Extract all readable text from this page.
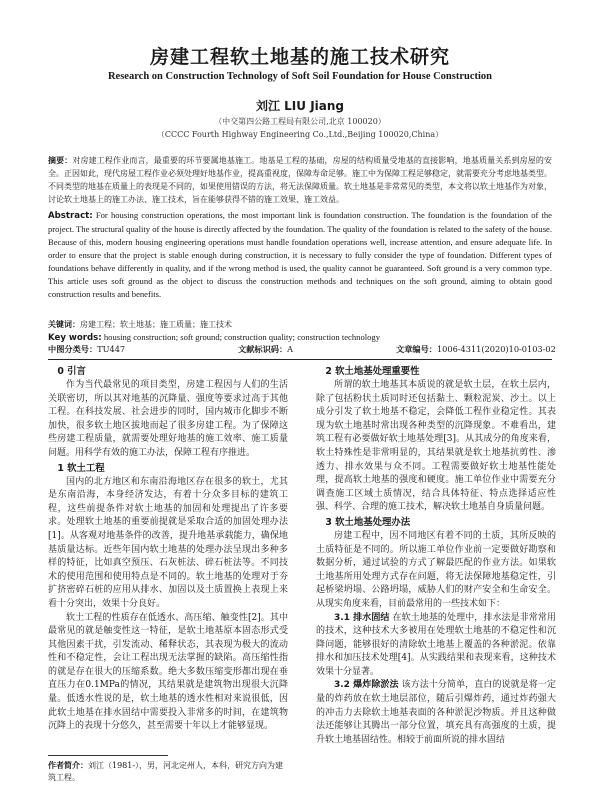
房建工程软土地基的施工技术研究
Research on Construction Technology of Soft Soil Foundation for House Construction
刘江 LIU Jiang
（中交第四公路工程局有限公司,北京 100020）
（CCCC Fourth Highway Engineering Co.,Ltd.,Beijing 100020,China）
摘要：对房建工程作业而言，最重要的环节要属地基施工。地基是工程的基础，房屋的结构质量受地基的直接影响，地基质量关系到房屋的安全。正因如此，现代房屋工程作业必须处理好地基作业，提高重视度，保障寿命足够。施工中为保障工程足够稳定，就需要充分考虑地基类型。不同类型的地基在质量上的表现是不同的，如果使用错误的方法，将无法保障质量。软土地基是非常常见的类型，本文将以软土地基作为对象，讨论软土地基上的施工办法、施工技术，旨在能够获得不错的施工效果、施工效益。
Abstract: For housing construction operations, the most important link is foundation construction. The foundation is the foundation of the project. The structural quality of the house is directly affected by the foundation. The quality of the foundation is related to the safety of the house. Because of this, modern housing engineering operations must handle foundation operations well, increase attention, and ensure adequate life. In order to ensure that the project is stable enough during construction, it is necessary to fully consider the type of foundation. Different types of foundations behave differently in quality, and if the wrong method is used, the quality cannot be guaranteed. Soft ground is a very common type. This article uses soft ground as the object to discuss the construction methods and techniques on the soft ground, aiming to obtain good construction results and benefits.
关键词：房建工程；软土地基；施工质量；施工技术
Key words: housing construction; soft ground; construction quality; construction technology
中图分类号：TU447	文献标识码：A	文章编号：1006-4311(2020)10-0103-02
0 引言

作为当代最常见的项目类型，房建工程因与人们的生活关联密切，所以其对地基的沉降量、强度等要求过高于其他工程。在科技发展、社会进步的同时，国内城市化脚步不断加快，很多软土地区拔地而起了很多房建工程。为了保障这些房建工程质量，就需要处理好地基的施工效率、施工质量问题。用科学有效的施工办法，保障工程有序推进。

1 软土工程

国内的北方地区和东南沿海地区存在很多的软土，尤其是东南沿海，本身经济发达，有着十分众多目标的建筑工程，这些前提条件对软土地基的加固和处理提出了许多要求。处理软土地基的重要前提就是采取合适的加固处理办法[1]。从客观对地基条件的改善，提升地基承载能力，确保地基质量达标。近些年国内软土地基的处理办法呈现出多种多样的特征，比如真空预压、石灰桩法、碎石桩法等。不同技术的使用范围和使用特点是不同的。软土地基的处理对于夯扩挤密碎石桩的应用从排水、加固以及土质置换上表现上来看十分突出，效果十分良好。

软土工程的性质存在低透水、高压缩、触变性[2]。其中最常见的就是触变性这一特征，是软土地基原本固态形式受其他因素干扰，引发流动、稀释状态，其表现为极大的流动性和不稳定性，会让工程出现无法掌握的缺陷。高压缩性指的就是存在很大的压缩系数。绝大多数压缩变形都出现在垂直压力在0.1MPa的情况，其结果就是建筑物出现很大沉降量。低透水性说的是，软土地基的透水性相对来说很低，因此软土地基在排水固结中需要投入非常多的时间，在建筑物沉降上的表现十分悠久，甚至需要十年以上才能够显现。

2 软土地基处理重要性

所谓的软土地基其本质说的就是软土层，在软土层内，除了包括粉状土质同时还包括黏土、颗粒泥炭、沙土。以上成分引发了软土地基不稳定，会降低工程作业稳定性。其表现为软土地基时常出现各种类型的沉降现象。不难看出，建筑工程有必要做好软土地基处理[3]。从其成分的角度来看，软土特殊性是非常明显的，其结果就是软土地基抗剪性、渗透力、排水效果与众不同。工程需要做好软土地基性能处理，提高软土地基的强度和硬度。施工单位作业中需要充分调查施工区域土质情况，结合具体特征、特点选择适应性强、科学、合理的施工技术，解决软土地基自身质量问题。

3 软土地基处理办法

房建工程中，因不同地区有着不同的土质，其所反映的土质特征是不同的。所以施工单位作业前一定要做好勘察和数据分析，通过试验的方式了解最匹配的作业方法。如果软土地基所用处理方式存在问题，将无法保障地基稳定性，引起桥梁坍塌、公路坍塌，威胁人们的财产安全和生命安全。从现实角度来看，目前最常用的一些技术如下：

3.1 排水固结 在软土地基的处理中，排水法是非常常用的技术，这种技术大多被用在处理软土地基的不稳定性和沉降问题，能够很好的清除软土地基上覆盖的各种淤泥。依靠排水和加压技术处理[4]。从实践结果和表现来看，这种技术效果十分显著。

3.2 爆炸除淤法 该方法十分简单，直白的说就是将一定量的炸药放在软土地层部位，随后引爆炸药，通过炸药强大的冲击力去除软土地基表面的各种淤泥沙物质。并且这种做法还能够让其腾出一部分位置，填充具有高强度的土质，提升软土地基固结性。相较于前面所说的排水固结

作者简介：刘江（1981-），男，河北定州人，本科，研究方向为建筑工程。
